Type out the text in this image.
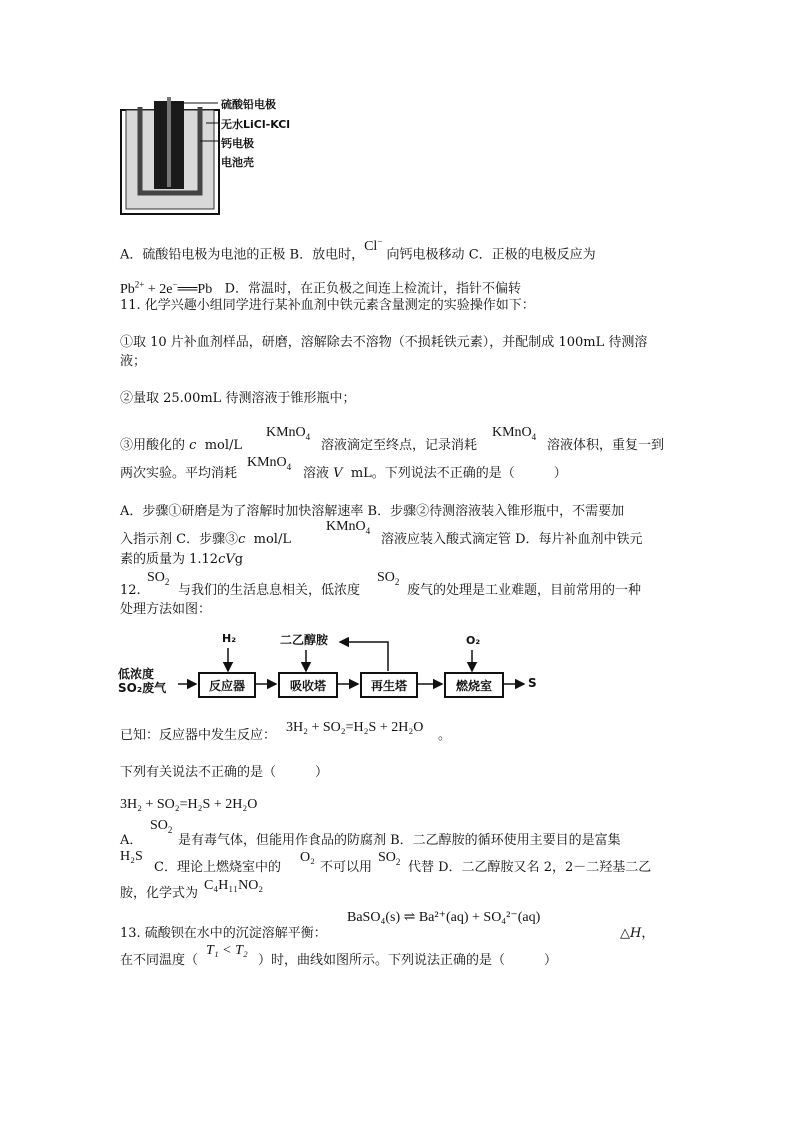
硫酸铅电极
无水LiCl-KCl
钙电极
电池壳
A．硫酸铅电极为电池的正极 B．放电时，Cl− 向钙电极移动 C．正极的电极反应为
$Pb^{2+}$ + 2e−══Pb D．常温时，在正负极之间连上检流计，指针不偏转
11. 化学兴趣小组同学进行某补血剂中铁元素含量测定的实验操作如下：
①取 10 片补血剂样品，研磨，溶解除去不溶物（不损耗铁元素），并配制成 100mL 待测溶
液；
②量取 25.00mL 待测溶液于锥形瓶中；
③用酸化的 c mol/L
KMnO$_4$
溶液滴定至终点，记录消耗
KMnO$_4$
溶液体积，重复一到
两次实验。平均消耗
KMnO$_4$ 溶液 V mL。下列说法不正确的是（　　　）
A．步骤①研磨是为了溶解时加快溶解速率 B．步骤②待测溶液装入锥形瓶中，不需要加
入指示剂 C．步骤③c mol/L
KMnO$_4$
溶液应装入酸式滴定管 D．每片补血剂中铁元
素的质量为 1.12cVg
$SO_2$
12.	与我们的生活息息相关，低浓度
$SO_2$
废气的处理是工业难题，目前常用的一种
处理方法如图：
低浓度
SO₂废气
H₂	O₂
二乙醇胺
反应器	吸收塔	再生塔	燃烧室	S
已知：反应器中发生反应：
3H₂ + SO₂=H₂S + 2H₂O
。
下列有关说法不正确的是（　　　）
3H₂ + SO₂=H₂S + 2H₂O
A．
$SO_2$
是有毒气体，但能用作食品的防腐剂 B．二乙醇胺的循环使用主要目的是富集
H₂S
C．理论上燃烧室中的
O₂
不可以用
$SO_2$ 代替 D．二乙醇胺又名 2，2－二羟基二乙
胺，化学式为
C₄H₁₁NO₂
13. 硫酸钡在水中的沉淀溶解平衡：
BaSO₄(s) ⇌ Ba²⁺(aq) + SO₄²⁻(aq)
△H，
在不同温度（
T₁ < T₂
）时，曲线如图所示。下列说法正确的是（　　　）
